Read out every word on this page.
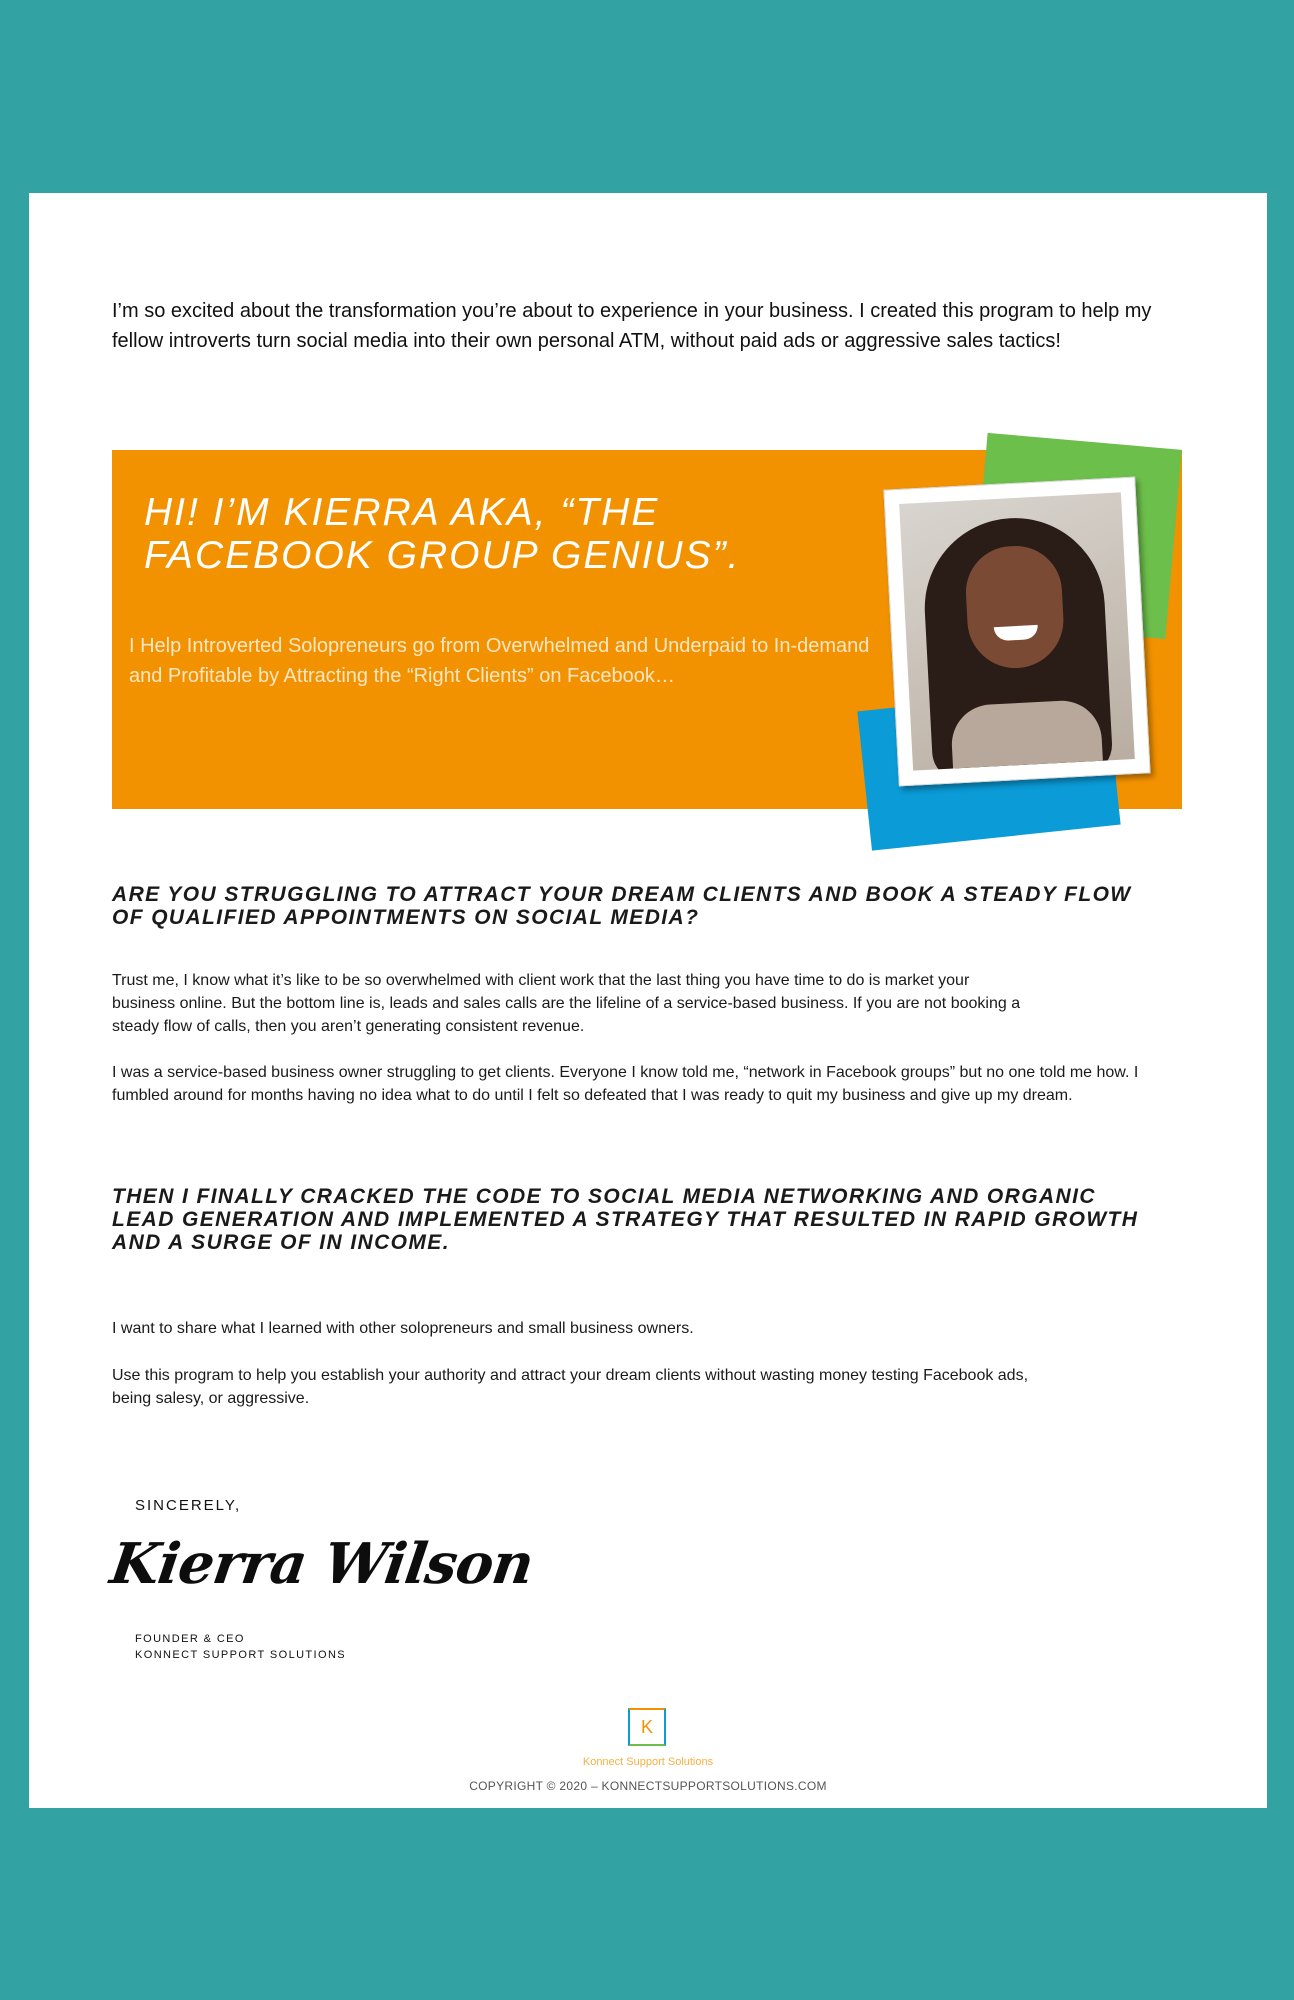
I’m so excited about the transformation you’re about to experience in your business. I created this program to help my fellow introverts turn social media into their own personal ATM, without paid ads or aggressive sales tactics!
HI! I’M KIERRA AKA, “THE FACEBOOK GROUP GENIUS”.
I Help Introverted Solopreneurs go from Overwhelmed and Underpaid to In-demand and Profitable by Attracting the “Right Clients” on Facebook…
ARE YOU STRUGGLING TO ATTRACT YOUR DREAM CLIENTS AND BOOK A STEADY FLOW OF QUALIFIED APPOINTMENTS ON SOCIAL MEDIA?
Trust me, I know what it’s like to be so overwhelmed with client work that the last thing you have time to do is market your business online. But the bottom line is, leads and sales calls are the lifeline of a service-based business. If you are not booking a steady flow of calls, then you aren’t generating consistent revenue.
I was a service-based business owner struggling to get clients. Everyone I know told me, “network in Facebook groups” but no one told me how. I fumbled around for months having no idea what to do until I felt so defeated that I was ready to quit my business and give up my dream.
THEN I FINALLY CRACKED THE CODE TO SOCIAL MEDIA NETWORKING AND ORGANIC LEAD GENERATION AND IMPLEMENTED A STRATEGY THAT RESULTED IN RAPID GROWTH AND A SURGE OF IN INCOME.
I want to share what I learned with other solopreneurs and small business owners.
Use this program to help you establish your authority and attract your dream clients without wasting money testing Facebook ads, being salesy, or aggressive.
SINCERELY,
Kierra Wilson
FOUNDER & CEO
KONNECT SUPPORT SOLUTIONS
K
Konnect Support Solutions
COPYRIGHT © 2020 – KONNECTSUPPORTSOLUTIONS.COM
